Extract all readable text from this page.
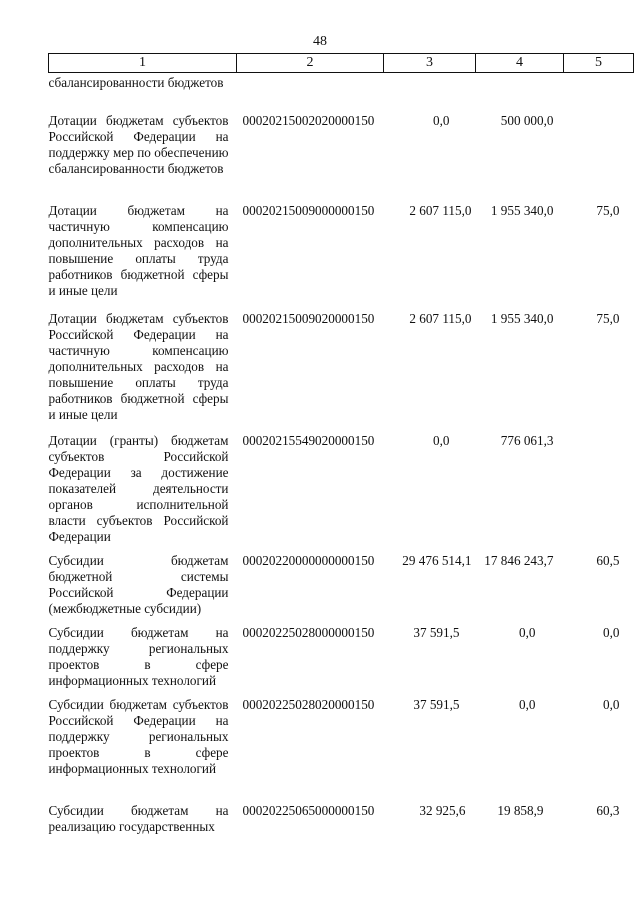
48
1	2	3	4	5
сбалансированности бюджетов				
Дотации бюджетам субъектов Российской Федерации на поддержку мер по обеспечению сбалансированности бюджетов	00020215002020000150	0,0	500 000,0	
Дотации бюджетам на частичную компенсацию дополнительных расходов на повышение оплаты труда работников бюджетной сферы и иные цели	00020215009000000150	2 607 115,0	1 955 340,0	75,0
Дотации бюджетам субъектов Российской Федерации на частичную компенсацию дополнительных расходов на повышение оплаты труда работников бюджетной сферы и иные цели	00020215009020000150	2 607 115,0	1 955 340,0	75,0
Дотации (гранты) бюджетам субъектов Российской Федерации за достижение показателей деятельности органов исполнительной власти субъектов Российской Федерации	00020215549020000150	0,0	776 061,3	
Субсидии бюджетам бюджетной системы Российской Федерации (межбюджетные субсидии)	00020220000000000150	29 476 514,1	17 846 243,7	60,5
Субсидии бюджетам на поддержку региональных проектов в сфере информационных технологий	00020225028000000150	37 591,5	0,0	0,0
Субсидии бюджетам субъектов Российской Федерации на поддержку региональных проектов в сфере информационных технологий	00020225028020000150	37 591,5	0,0	0,0
Субсидии бюджетам на реализацию государственных	00020225065000000150	32 925,6	19 858,9	60,3
